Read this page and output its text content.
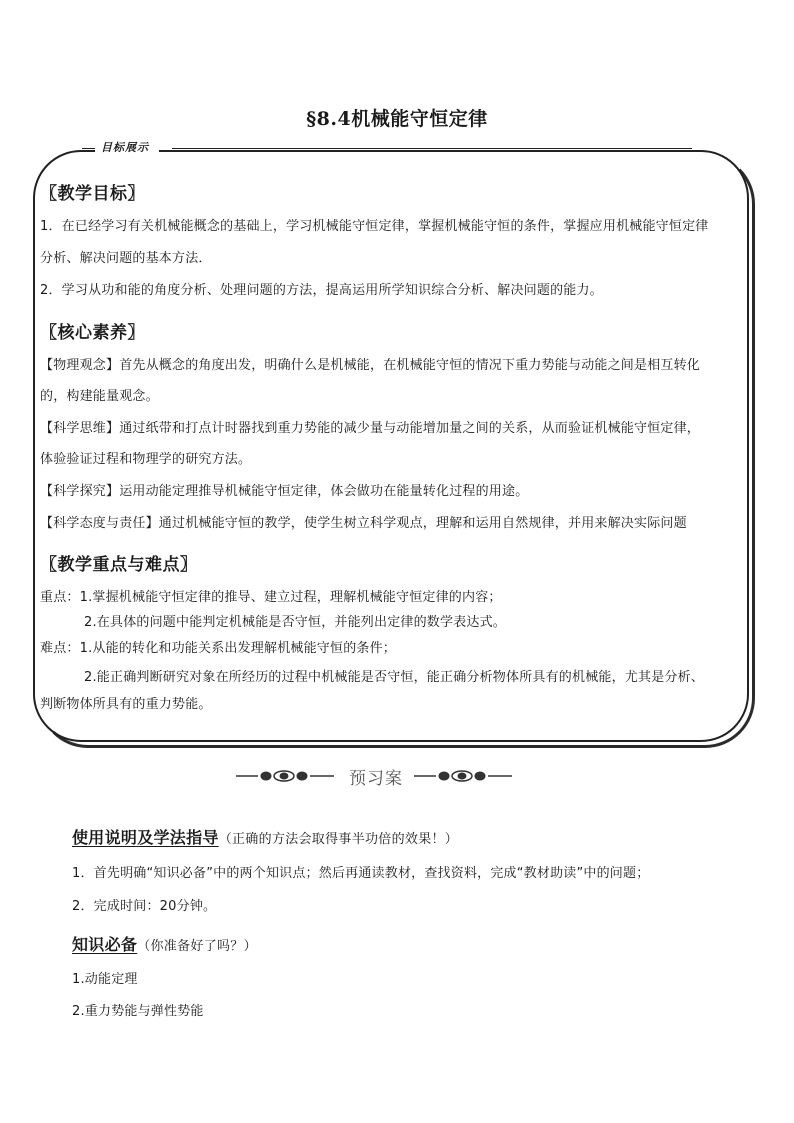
§8.4机械能守恒定律
目标展示
〖教学目标〗
1．在已经学习有关机械能概念的基础上，学习机械能守恒定律，掌握机械能守恒的条件，掌握应用机械能守恒定律
分析、解决问题的基本方法．
2．学习从功和能的角度分析、处理问题的方法，提高运用所学知识综合分析、解决问题的能力。
〖核心素养〗
【物理观念】首先从概念的角度出发，明确什么是机械能，在机械能守恒的情况下重力势能与动能之间是相互转化
的，构建能量观念。
【科学思维】通过纸带和打点计时器找到重力势能的减少量与动能增加量之间的关系，从而验证机械能守恒定律，
体验验证过程和物理学的研究方法。
【科学探究】运用动能定理推导机械能守恒定律，体会做功在能量转化过程的用途。
【科学态度与责任】通过机械能守恒的教学，使学生树立科学观点，理解和运用自然规律，并用来解决实际问题
〖教学重点与难点〗
重点：1.掌握机械能守恒定律的推导、建立过程，理解机械能守恒定律的内容；
2.在具体的问题中能判定机械能是否守恒，并能列出定律的数学表达式。
难点：1.从能的转化和功能关系出发理解机械能守恒的条件；
2.能正确判断研究对象在所经历的过程中机械能是否守恒，能正确分析物体所具有的机械能，尤其是分析、
判断物体所具有的重力势能。
预习案
使用说明及学法指导（正确的方法会取得事半功倍的效果！）
1．首先明确“知识必备”中的两个知识点；然后再通读教材，查找资料，完成“教材助读”中的问题；
2．完成时间：20分钟。
知识必备（你准备好了吗？）
1.动能定理
2.重力势能与弹性势能
